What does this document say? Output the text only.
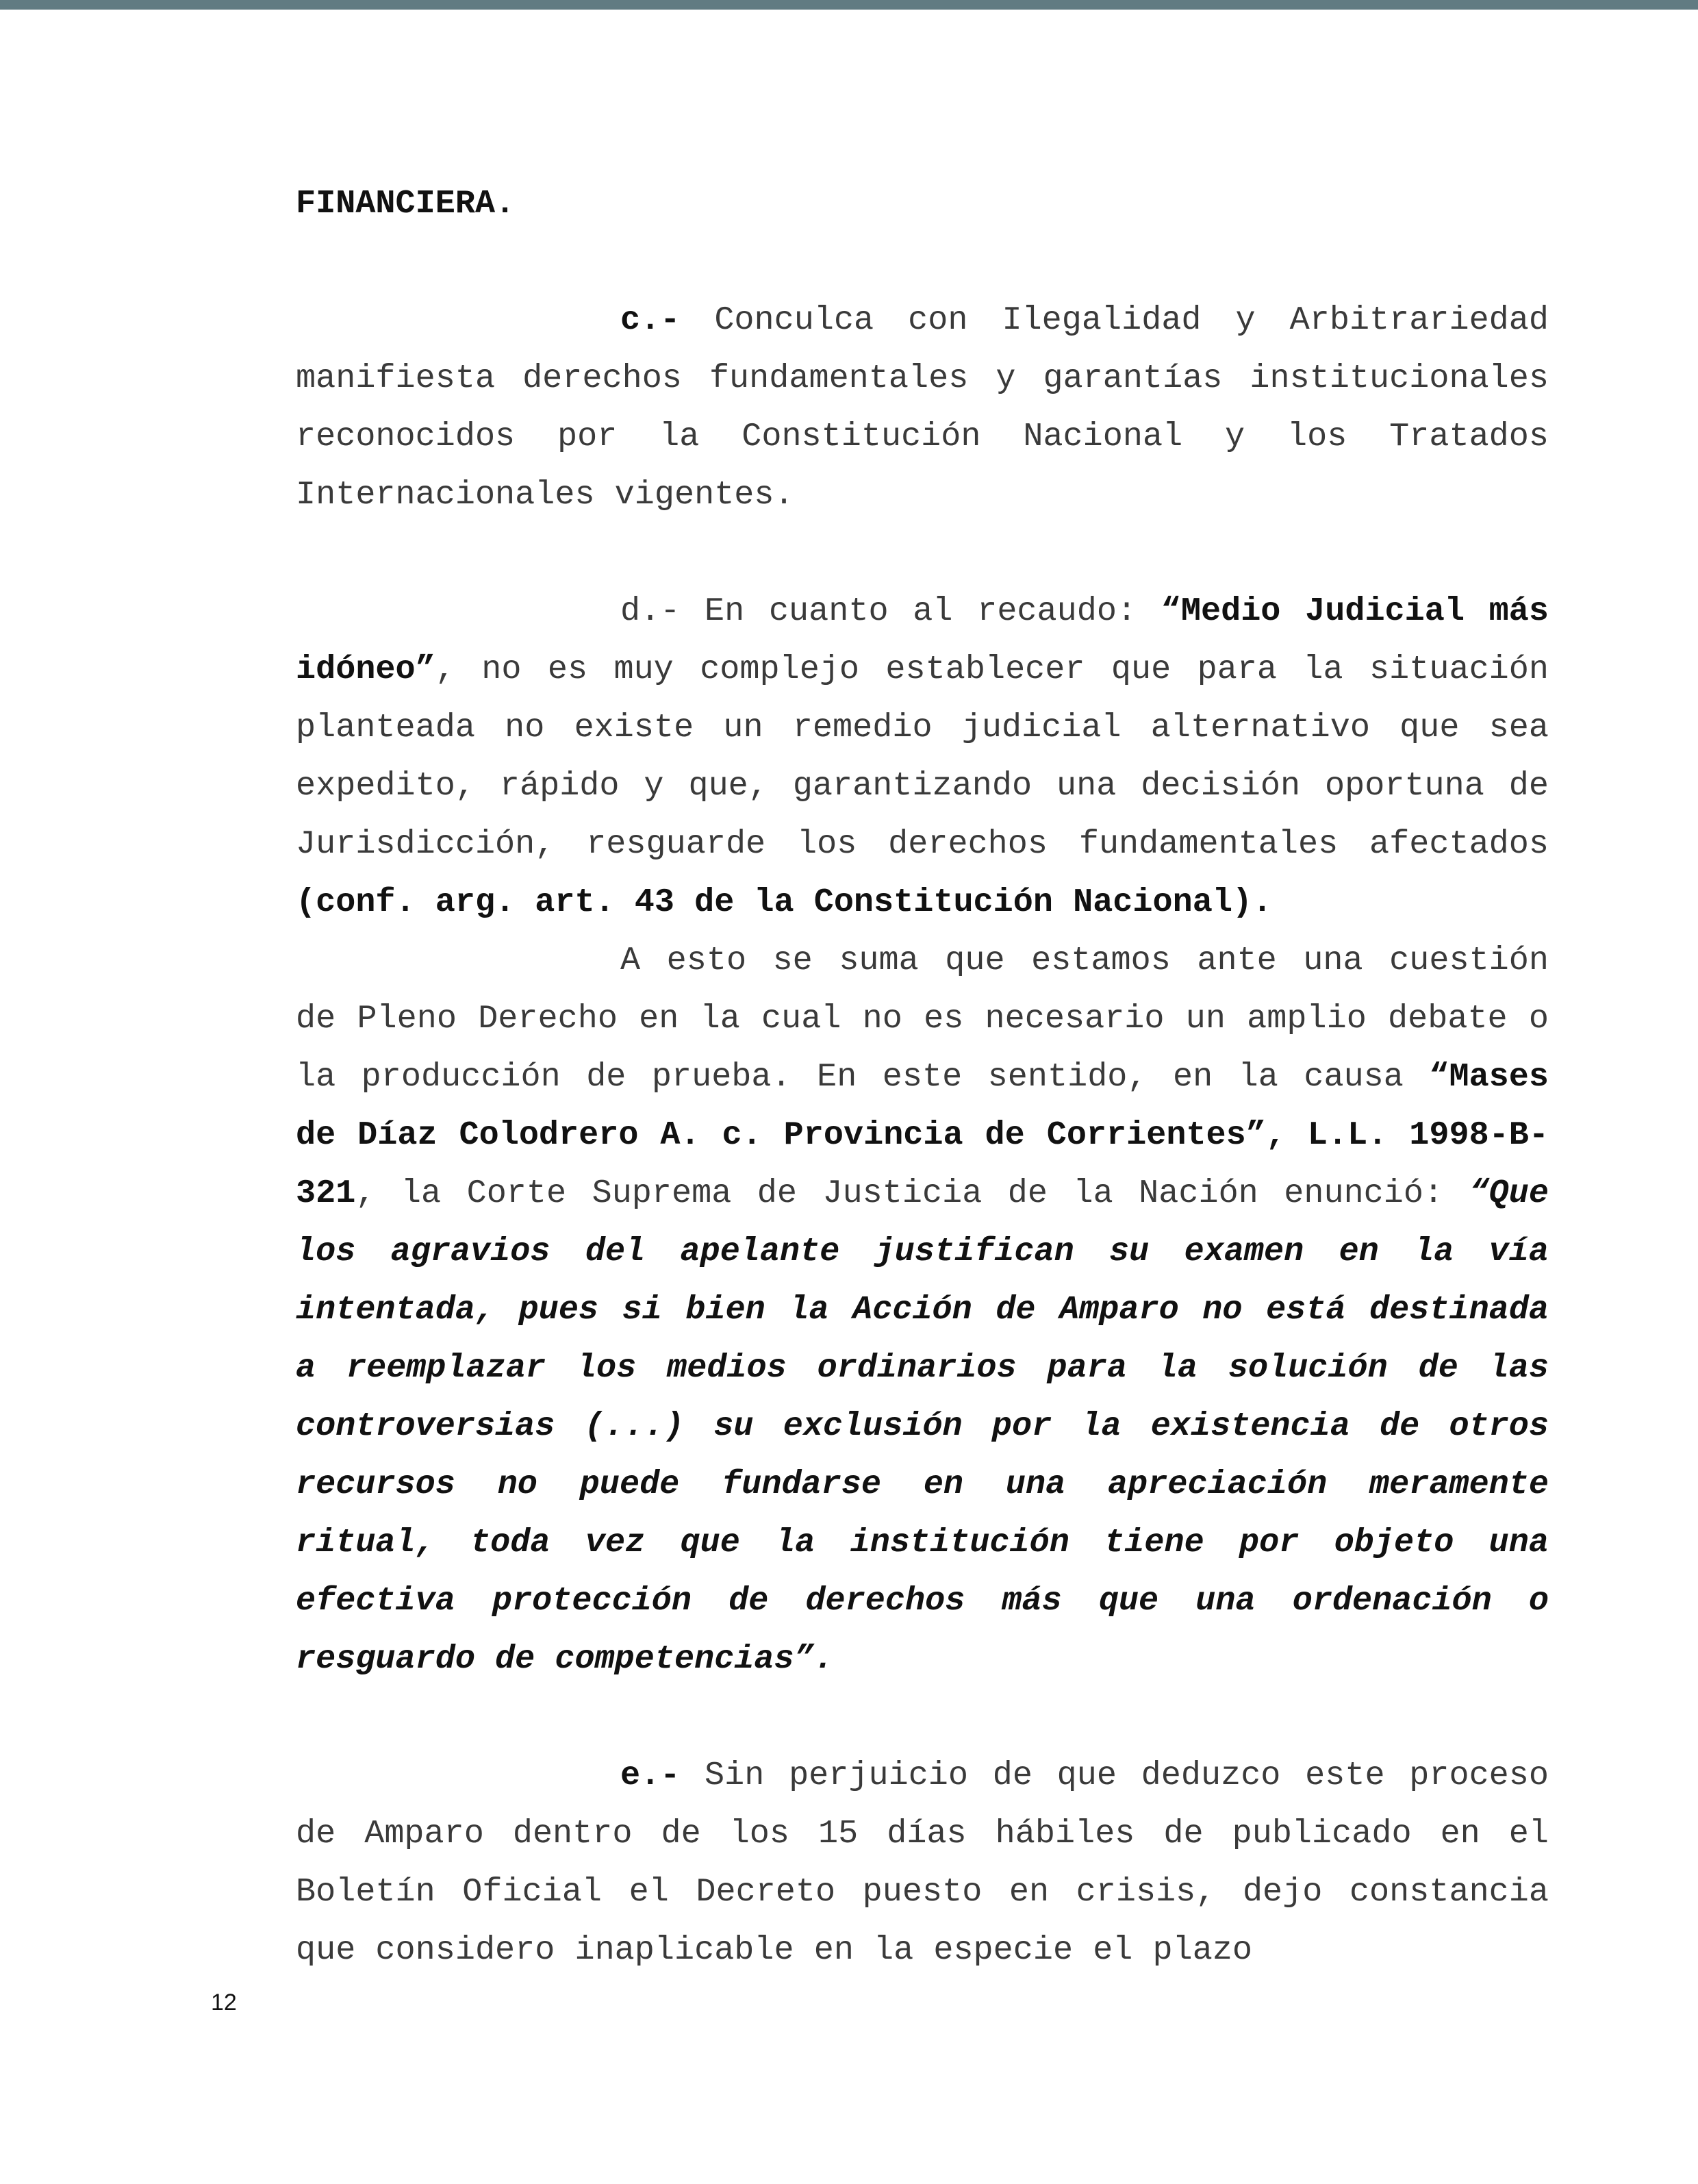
FINANCIERA.

c.- Conculca con Ilegalidad y Arbitrariedad manifiesta derechos fundamentales y garantías institucionales reconocidos por la Constitución Nacional y los Tratados Internacionales vigentes.

d.- En cuanto al recaudo: “Medio Judicial más idóneo”, no es muy complejo establecer que para la situación planteada no existe un remedio judicial alternativo que sea expedito, rápido y que, garantizando una decisión oportuna de Jurisdicción, resguarde los derechos fundamentales afectados (conf. arg. art. 43 de la Constitución Nacional).

A esto se suma que estamos ante una cuestión de Pleno Derecho en la cual no es necesario un amplio debate o la producción de prueba. En este sentido, en la causa “Mases de Díaz Colodrero A. c. Provincia de Corrientes”, L.L. 1998-B-321, la Corte Suprema de Justicia de la Nación enunció: “Que los agravios del apelante justifican su examen en la vía intentada, pues si bien la Acción de Amparo no está destinada a reemplazar los medios ordinarios para la solución de las controversias (...) su exclusión por la existencia de otros recursos no puede fundarse en una apreciación meramente ritual, toda vez que la institución tiene por objeto una efectiva protección de derechos más que una ordenación o resguardo de competencias”.

e.- Sin perjuicio de que deduzco este proceso de Amparo dentro de los 15 días hábiles de publicado en el Boletín Oficial el Decreto puesto en crisis, dejo constancia que considero inaplicable en la especie el plazo

12
